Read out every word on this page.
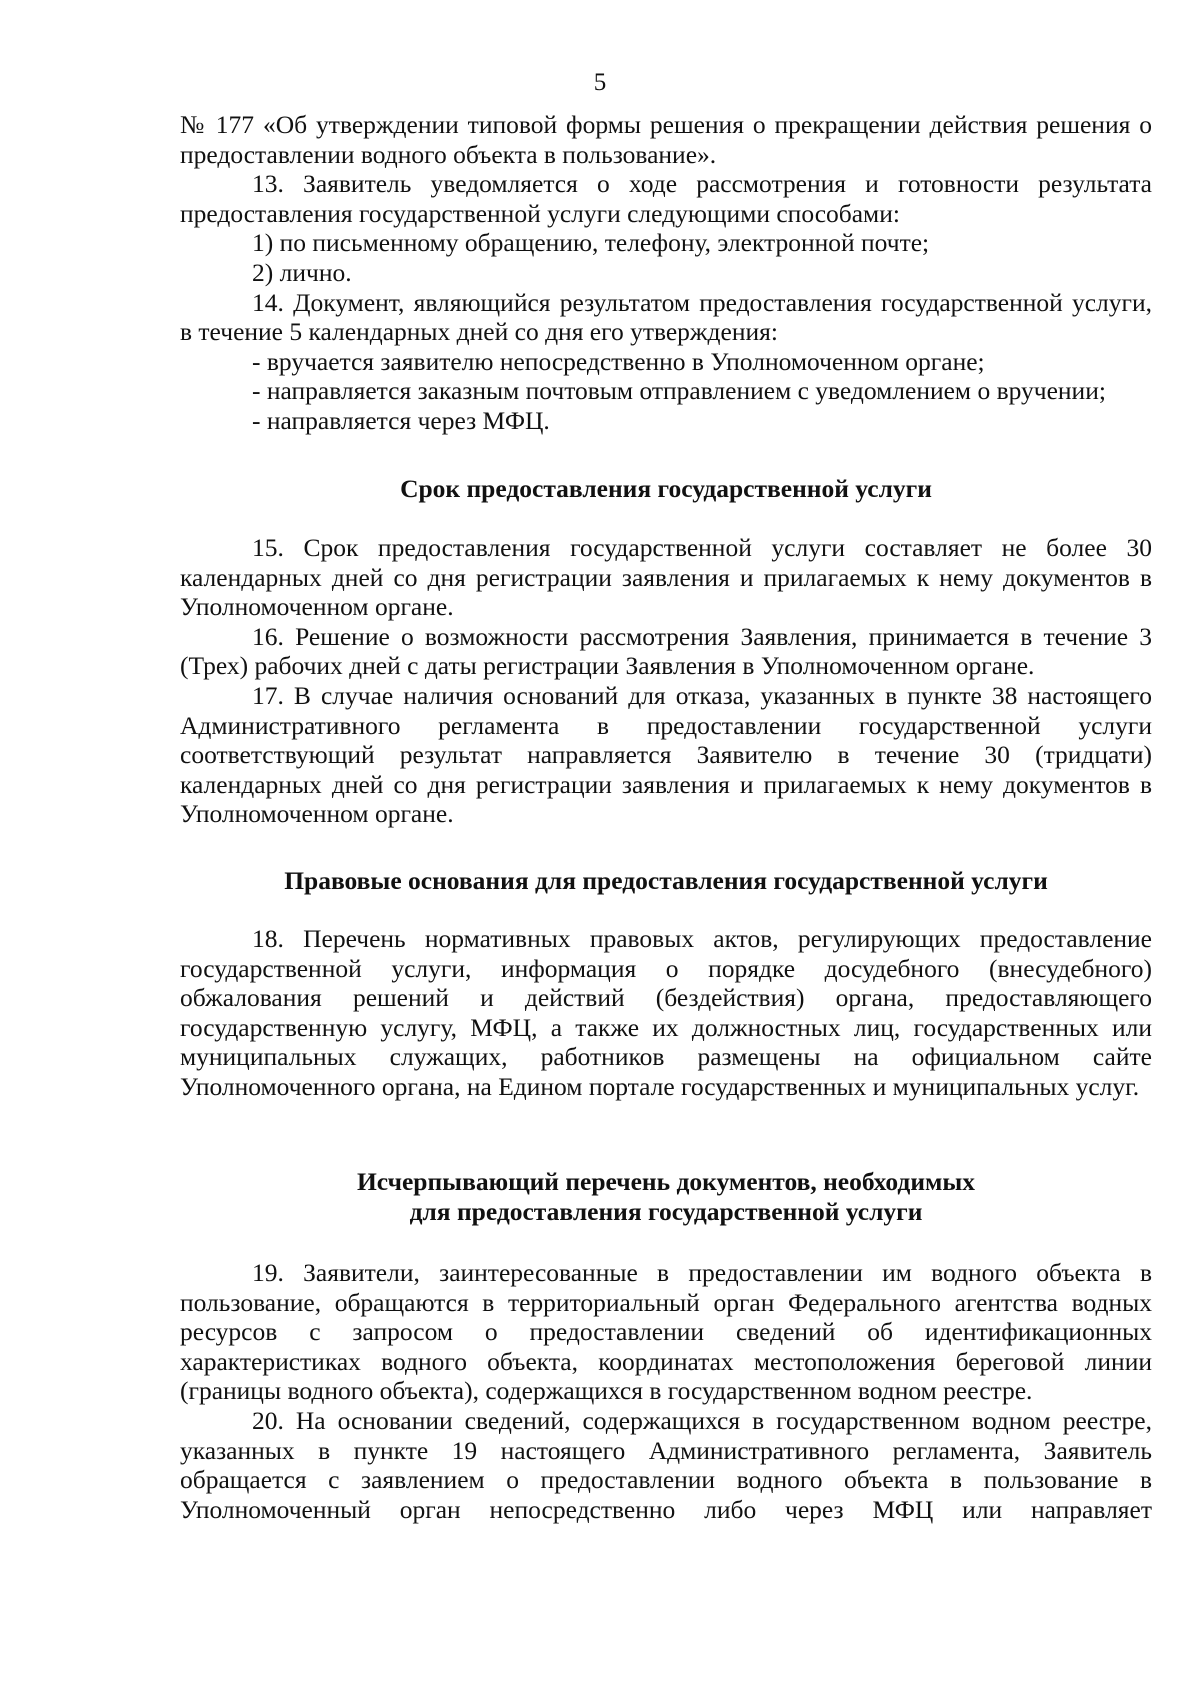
5

№ 177 «Об утверждении типовой формы решения о прекращении действия решения о предоставлении водного объекта в пользование».

13. Заявитель уведомляется о ходе рассмотрения и готовности результата предоставления государственной услуги следующими способами:

1) по письменному обращению, телефону, электронной почте;

2) лично.

14. Документ, являющийся результатом предоставления государственной услуги, в течение 5 календарных дней со дня его утверждения:

- вручается заявителю непосредственно в Уполномоченном органе;

- направляется заказным почтовым отправлением с уведомлением о вручении;

- направляется через МФЦ.

Срок предоставления государственной услуги

15. Срок предоставления государственной услуги составляет не более 30 календарных дней со дня регистрации заявления и прилагаемых к нему документов в Уполномоченном органе.

16. Решение о возможности рассмотрения Заявления, принимается в течение 3 (Трех) рабочих дней с даты регистрации Заявления в Уполномоченном органе.

17. В случае наличия оснований для отказа, указанных в пункте 38 настоящего Административного регламента в предоставлении государственной услуги соответствующий результат направляется Заявителю в течение 30 (тридцати) календарных дней со дня регистрации заявления и прилагаемых к нему документов в Уполномоченном органе.

Правовые основания для предоставления государственной услуги

18. Перечень нормативных правовых актов, регулирующих предоставление государственной услуги, информация о порядке досудебного (внесудебного) обжалования решений и действий (бездействия) органа, предоставляющего государственную услугу, МФЦ, а также их должностных лиц, государственных или муниципальных служащих, работников размещены на официальном сайте Уполномоченного органа, на Едином портале государственных и муниципальных услуг.

Исчерпывающий перечень документов, необходимых
для предоставления государственной услуги

19. Заявители, заинтересованные в предоставлении им водного объекта в пользование, обращаются в территориальный орган Федерального агентства водных ресурсов с запросом о предоставлении сведений об идентификационных характеристиках водного объекта, координатах местоположения береговой линии (границы водного объекта), содержащихся в государственном водном реестре.

20. На основании сведений, содержащихся в государственном водном реестре, указанных в пункте 19 настоящего Административного регламента, Заявитель обращается с заявлением о предоставлении водного объекта в пользование в Уполномоченный орган непосредственно либо через МФЦ или направляет
